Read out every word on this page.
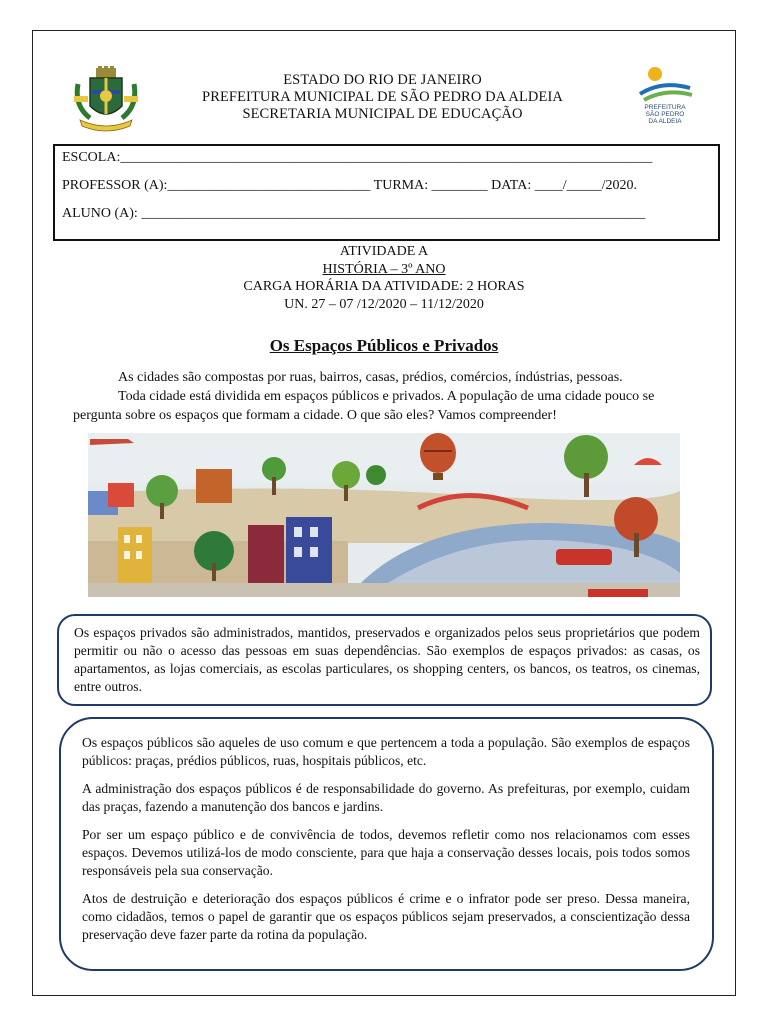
PREFEITURA
SÃO PEDRO
DA ALDEIA
ESTADO DO RIO DE JANEIRO
PREFEITURA MUNICIPAL DE SÃO PEDRO DA ALDEIA
SECRETARIA MUNICIPAL DE EDUCAÇÃO
ESCOLA:____________________________________________________________________________
PROFESSOR (A):_____________________________ TURMA: ________ DATA: ____/_____/2020.
ALUNO (A): ________________________________________________________________________
ATIVIDADE A
HISTÓRIA – 3º ANO
CARGA HORÁRIA DA ATIVIDADE: 2 HORAS
UN. 27 – 07 /12/2020 – 11/12/2020
Os Espaços Públicos e Privados

As cidades são compostas por ruas, bairros, casas, prédios, comércios, índústrias, pessoas.

Toda cidade está dividida em espaços públicos e privados. A população de uma cidade pouco se pergunta sobre os espaços que formam a cidade. O que são eles? Vamos compreender!

Os espaços privados são administrados, mantidos, preservados e organizados pelos seus proprietários que podem permitir ou não o acesso das pessoas em suas dependências. São exemplos de espaços privados: as casas, os apartamentos, as lojas comerciais, as escolas particulares, os shopping centers, os bancos, os teatros, os cinemas, entre outros.

Os espaços públicos são aqueles de uso comum e que pertencem a toda a população. São exemplos de espaços públicos: praças, prédios públicos, ruas, hospitais públicos, etc.

A administração dos espaços públicos é de responsabilidade do governo. As prefeituras, por exemplo, cuidam das praças, fazendo a manutenção dos bancos e jardins.

Por ser um espaço público e de convivência de todos, devemos refletir como nos relacionamos com esses espaços. Devemos utilizá-los de modo consciente, para que haja a conservação desses locais, pois todos somos responsáveis pela sua conservação.

Atos de destruição e deterioração dos espaços públicos é crime e o infrator pode ser preso. Dessa maneira, como cidadãos, temos o papel de garantir que os espaços públicos sejam preservados, a conscientização dessa preservação deve fazer parte da rotina da população.
